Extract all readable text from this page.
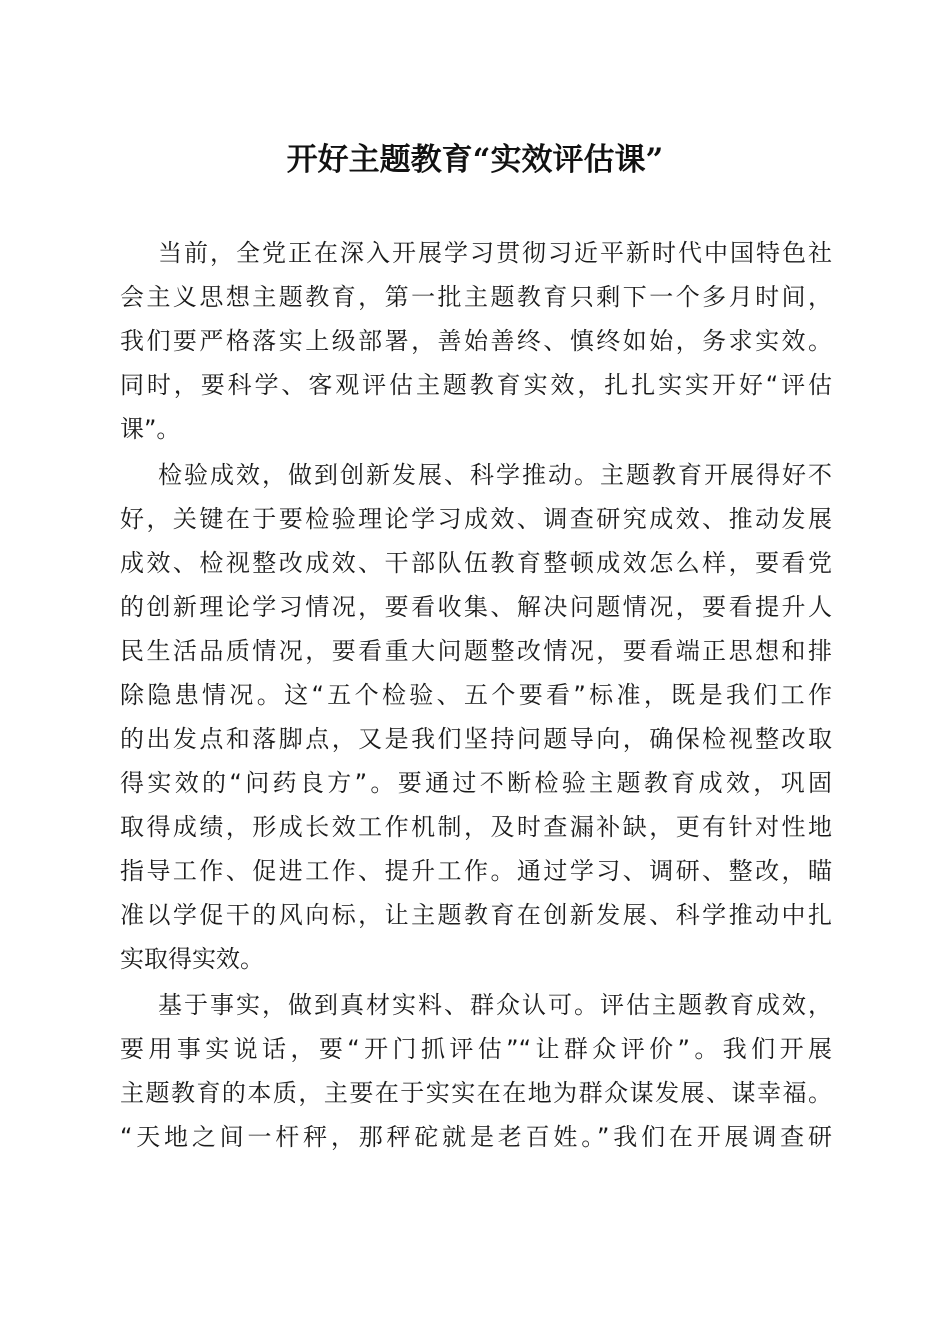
开好主题教育“实效评估课”

当前，全党正在深入开展学习贯彻习近平新时代中国特色社

会主义思想主题教育，第一批主题教育只剩下一个多月时间，

我们要严格落实上级部署，善始善终、慎终如始，务求实效。

同时，要科学、客观评估主题教育实效，扎扎实实开好“评估

课”。

检验成效，做到创新发展、科学推动。主题教育开展得好不

好，关键在于要检验理论学习成效、调查研究成效、推动发展

成效、检视整改成效、干部队伍教育整顿成效怎么样，要看党

的创新理论学习情况，要看收集、解决问题情况，要看提升人

民生活品质情况，要看重大问题整改情况，要看端正思想和排

除隐患情况。这“五个检验、五个要看”标准，既是我们工作

的出发点和落脚点，又是我们坚持问题导向，确保检视整改取

得实效的“问药良方”。要通过不断检验主题教育成效，巩固

取得成绩，形成长效工作机制，及时查漏补缺，更有针对性地

指导工作、促进工作、提升工作。通过学习、调研、整改，瞄

准以学促干的风向标，让主题教育在创新发展、科学推动中扎

实取得实效。

基于事实，做到真材实料、群众认可。评估主题教育成效，

要用事实说话，要“开门抓评估”“让群众评价”。我们开展

主题教育的本质，主要在于实实在在地为群众谋发展、谋幸福。

“天地之间一杆秤，那秤砣就是老百姓。”我们在开展调查研
